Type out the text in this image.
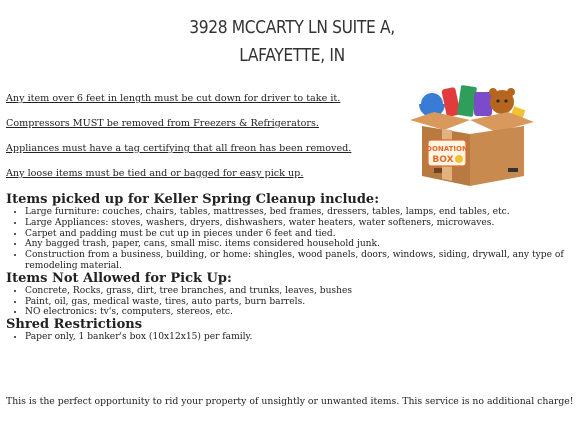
3928 MCCARTY LN SUITE A,
LAFAYETTE, IN
Any item over 6 feet in length must be cut down for driver to take it.
Compressors MUST be removed from Freezers & Refrigerators.
Appliances must have a tag certifying that all freon has been removed.
Any loose items must be tied and or bagged for easy pick up.
DONATION
BOX
Items picked up for Keller Spring Cleanup include:
• Large furniture: couches, chairs, tables, mattresses, bed frames, dressers, tables, lamps, end tables, etc.
• Large Appliances: stoves, washers, dryers, dishwashers, water heaters, water softeners, microwaves.
• Carpet and padding must be cut up in pieces under 6 feet and tied.
• Any bagged trash, paper, cans, small misc. items considered household junk.
• Construction from a business, building, or home: shingles, wood panels, doors, windows, siding, drywall, any type of remodeling material.
Items Not Allowed for Pick Up:
• Concrete, Rocks, grass, dirt, tree branches, and trunks, leaves, bushes
• Paint, oil, gas, medical waste, tires, auto parts, burn barrels.
• NO electronics: tv's, computers, stereos, etc.
Shred Restrictions
• Paper only, 1 banker's box (10x12x15) per family.
This is the perfect opportunity to rid your property of unsightly or unwanted items. This service is no additional charge!
